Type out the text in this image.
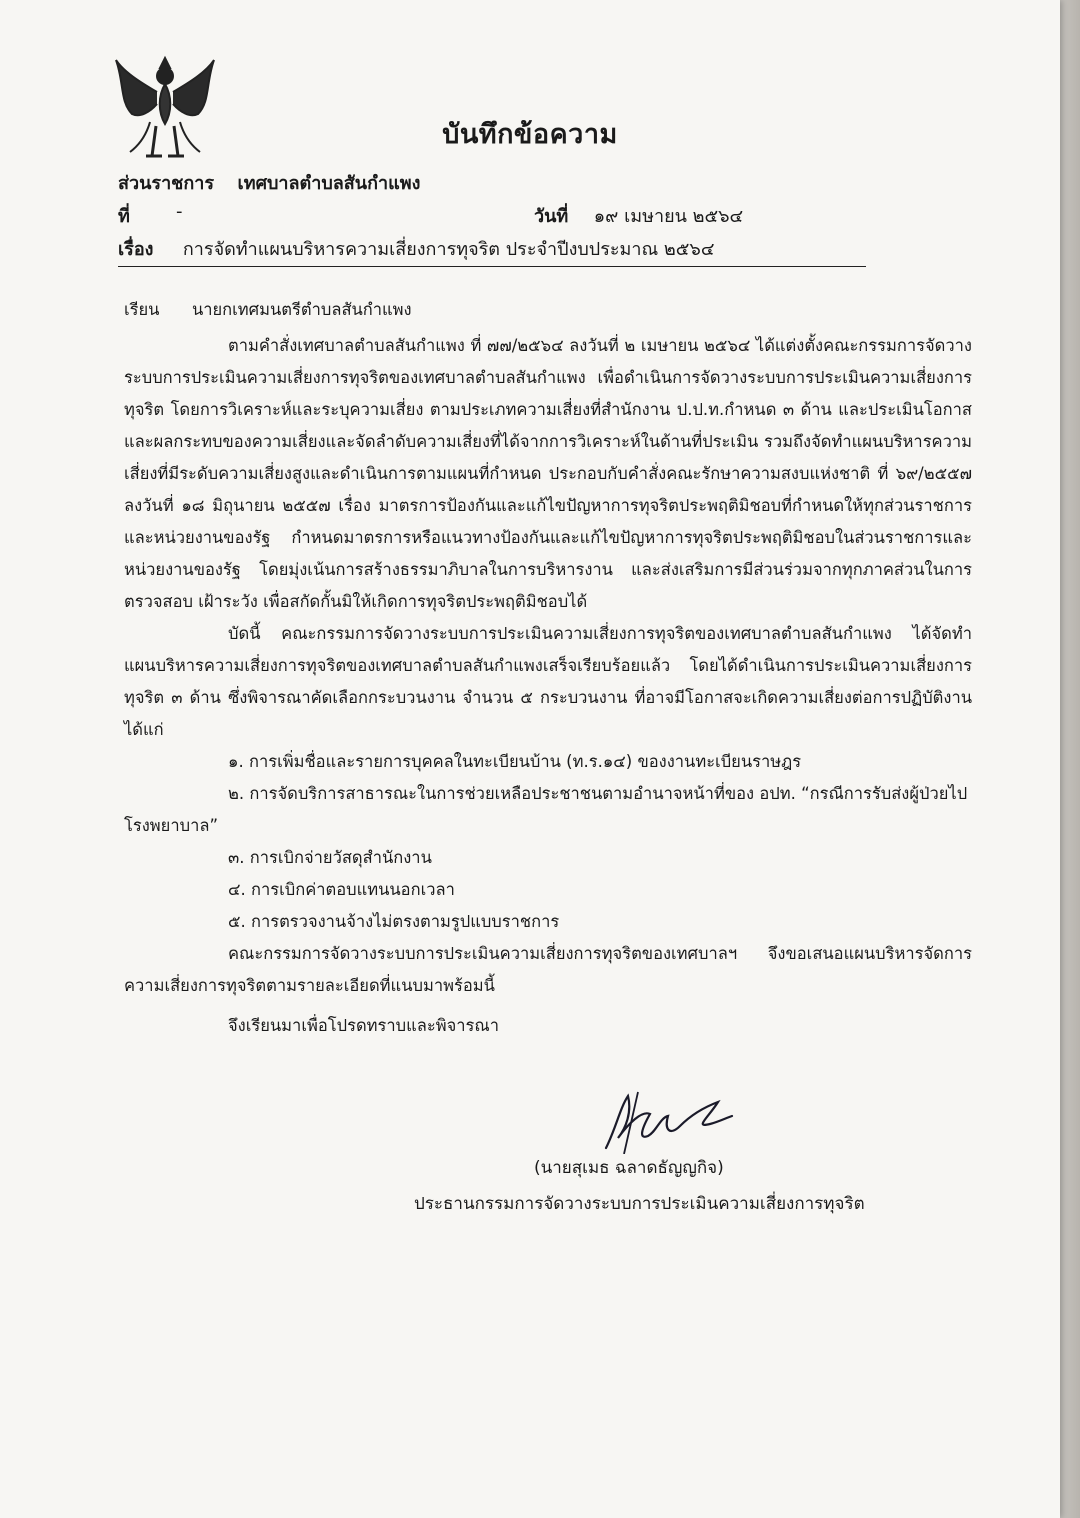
บันทึกข้อความ
ส่วนราชการ เทศบาลตำบลสันกำแพง
ที่	-	วันที่ ๑๙ เมษายน ๒๕๖๔
เรื่อง การจัดทำแผนบริหารความเสี่ยงการทุจริต ประจำปีงบประมาณ ๒๕๖๔

เรียน นายกเทศมนตรีตำบลสันกำแพง

ตามคำสั่งเทศบาลตำบลสันกำแพง ที่ ๗๗/๒๕๖๔ ลงวันที่ ๒ เมษายน ๒๕๖๔ ได้แต่งตั้งคณะกรรมการจัดวางระบบการประเมินความเสี่ยงการทุจริตของเทศบาลตำบลสันกำแพง เพื่อดำเนินการจัดวางระบบการประเมินความเสี่ยงการทุจริต โดยการวิเคราะห์และระบุความเสี่ยง ตามประเภทความเสี่ยงที่สำนักงาน ป.ป.ท.กำหนด ๓ ด้าน และประเมินโอกาสและผลกระทบของความเสี่ยงและจัดลำดับความเสี่ยงที่ได้จากการวิเคราะห์ในด้านที่ประเมิน รวมถึงจัดทำแผนบริหารความเสี่ยงที่มีระดับความเสี่ยงสูงและดำเนินการตามแผนที่กำหนด ประกอบกับคำสั่งคณะรักษาความสงบแห่งชาติ ที่ ๖๙/๒๕๕๗ ลงวันที่ ๑๘ มิถุนายน ๒๕๕๗ เรื่อง มาตรการป้องกันและแก้ไขปัญหาการทุจริตประพฤติมิชอบที่กำหนดให้ทุกส่วนราชการและหน่วยงานของรัฐ กำหนดมาตรการหรือแนวทางป้องกันและแก้ไขปัญหาการทุจริตประพฤติมิชอบในส่วนราชการและหน่วยงานของรัฐ โดยมุ่งเน้นการสร้างธรรมาภิบาลในการบริหารงาน และส่งเสริมการมีส่วนร่วมจากทุกภาคส่วนในการตรวจสอบ เฝ้าระวัง เพื่อสกัดกั้นมิให้เกิดการทุจริตประพฤติมิชอบได้

บัดนี้ คณะกรรมการจัดวางระบบการประเมินความเสี่ยงการทุจริตของเทศบาลตำบลสันกำแพง ได้จัดทำแผนบริหารความเสี่ยงการทุจริตของเทศบาลตำบลสันกำแพงเสร็จเรียบร้อยแล้ว โดยได้ดำเนินการประเมินความเสี่ยงการทุจริต ๓ ด้าน ซึ่งพิจารณาคัดเลือกกระบวนงาน จำนวน ๕ กระบวนงาน ที่อาจมีโอกาสจะเกิดความเสี่ยงต่อการปฏิบัติงาน ได้แก่

๑. การเพิ่มชื่อและรายการบุคคลในทะเบียนบ้าน (ท.ร.๑๔) ของงานทะเบียนราษฎร

๒. การจัดบริการสาธารณะในการช่วยเหลือประชาชนตามอำนาจหน้าที่ของ อปท. “กรณีการรับส่งผู้ป่วยไปโรงพยาบาล”

๓. การเบิกจ่ายวัสดุสำนักงาน

๔. การเบิกค่าตอบแทนนอกเวลา

๕. การตรวจงานจ้างไม่ตรงตามรูปแบบราชการ

คณะกรรมการจัดวางระบบการประเมินความเสี่ยงการทุจริตของเทศบาลฯ จึงขอเสนอแผนบริหารจัดการความเสี่ยงการทุจริตตามรายละเอียดที่แนบมาพร้อมนี้

จึงเรียนมาเพื่อโปรดทราบและพิจารณา

(นายสุเมธ ฉลาดธัญญกิจ)
ประธานกรรมการจัดวางระบบการประเมินความเสี่ยงการทุจริต
